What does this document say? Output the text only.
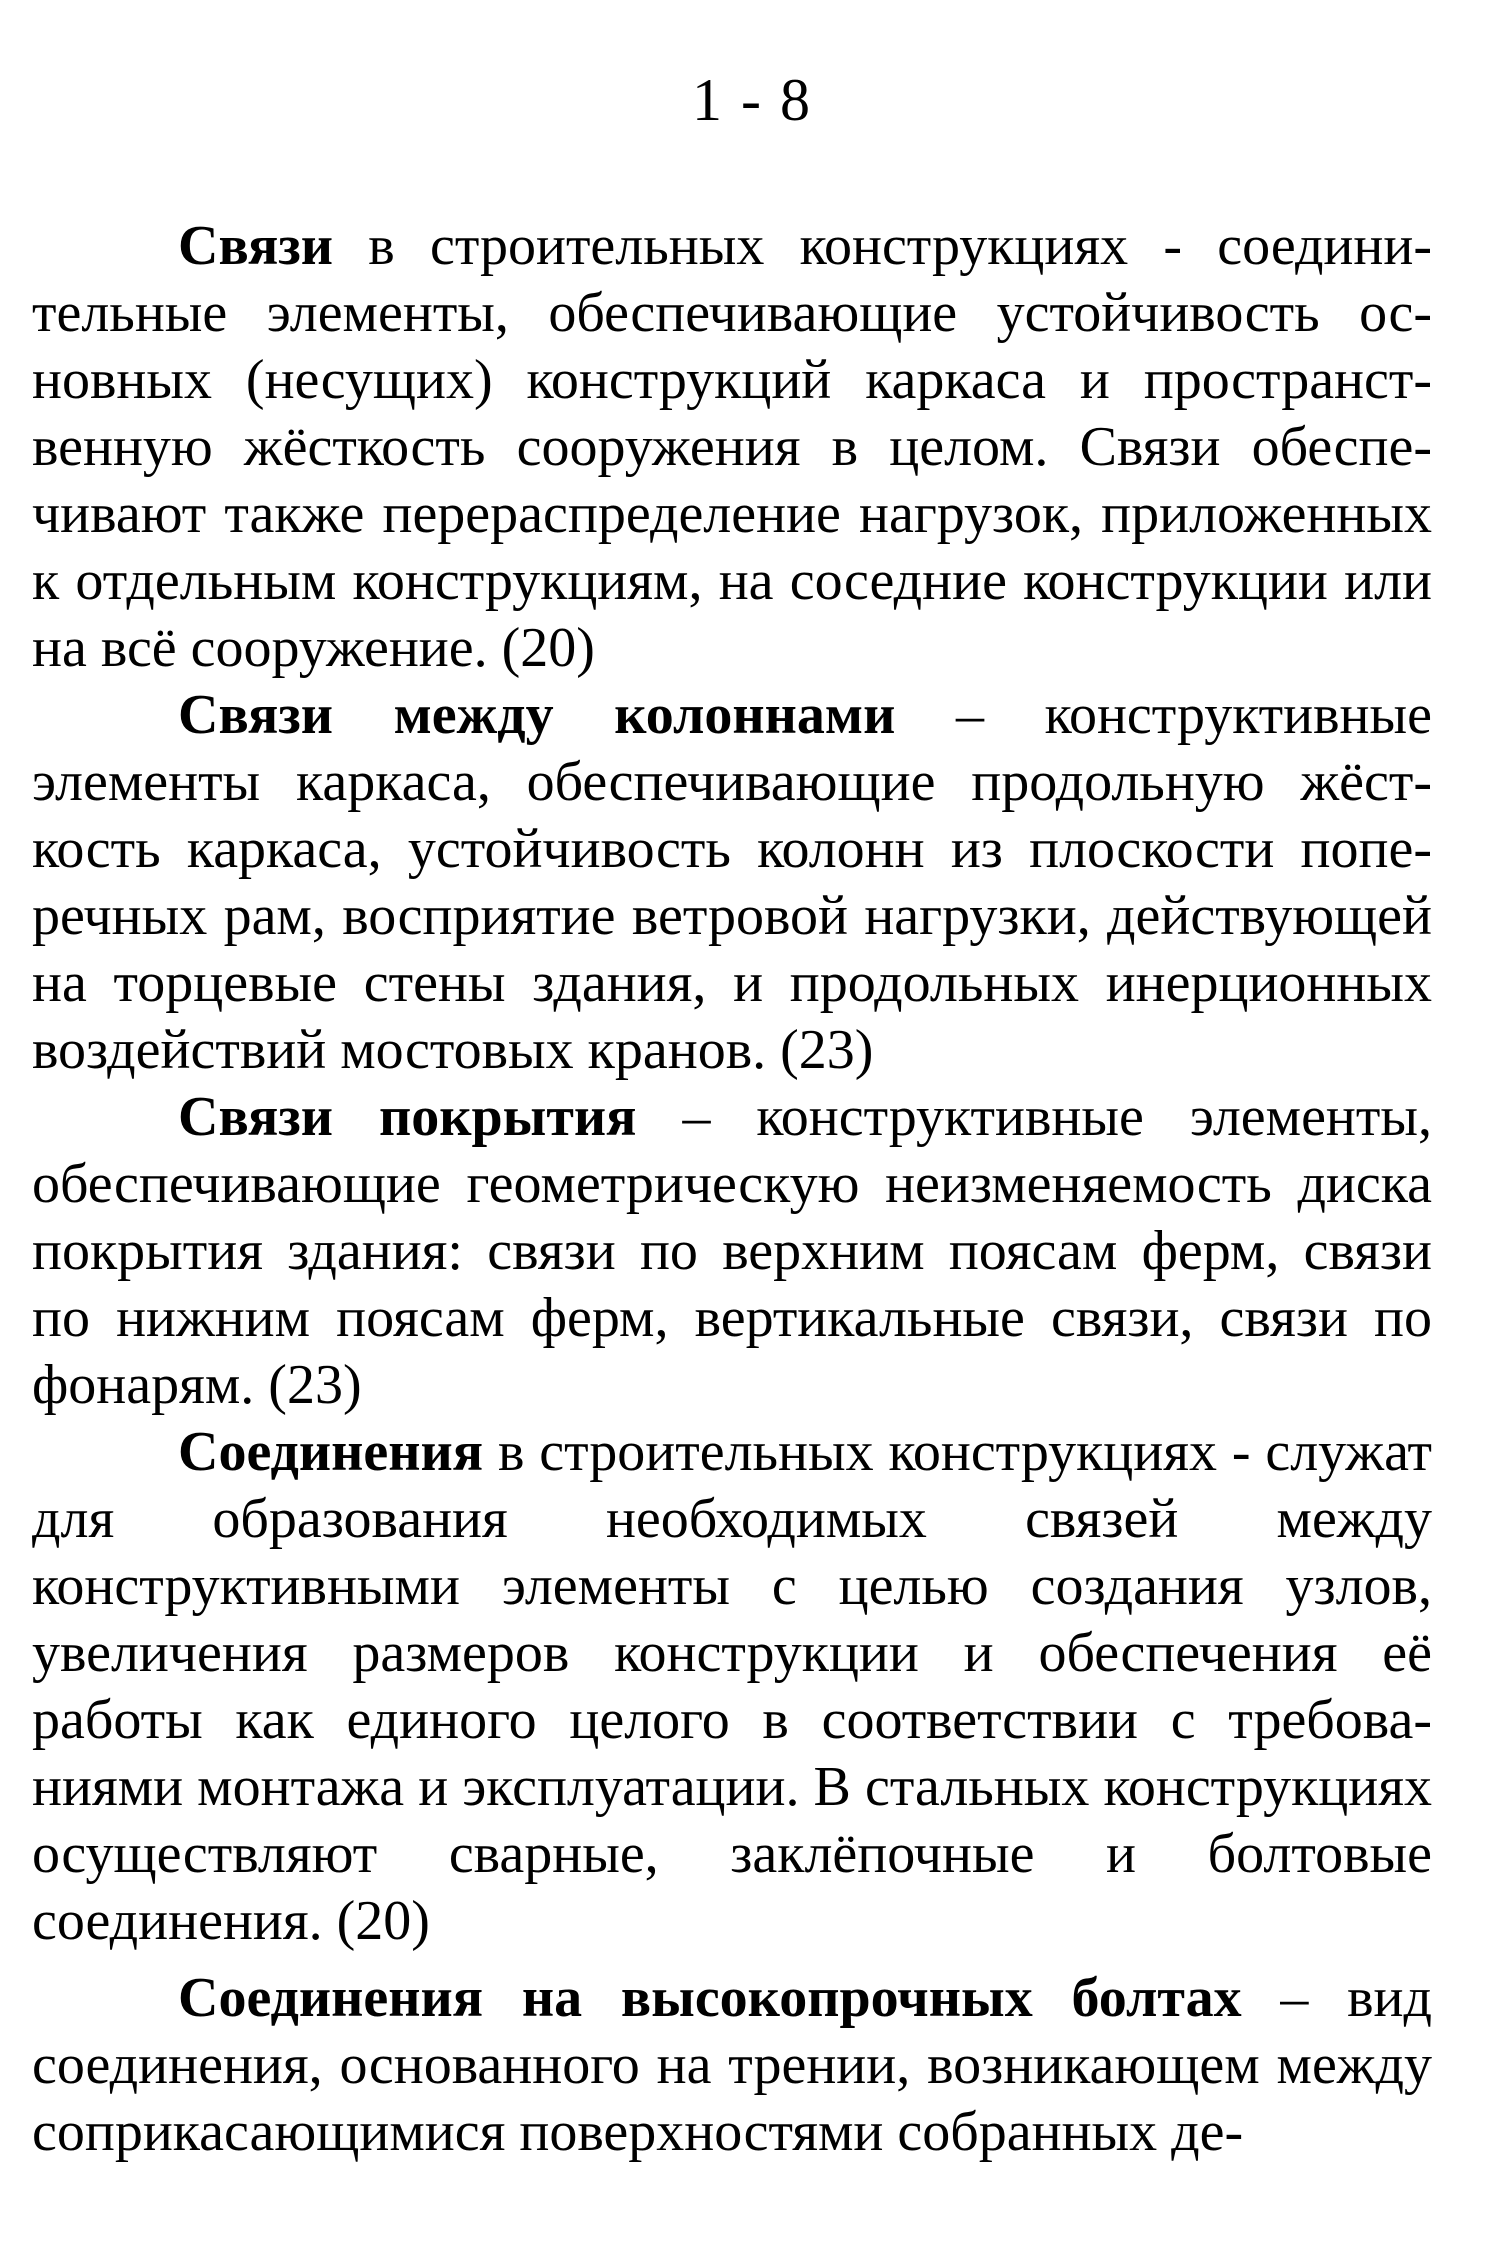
1 - 8

Связи в строительных конструкциях - соединительные элементы, обеспечивающие устойчивость основных (несущих) конструкций каркаса и пространственную жёсткость сооружения в целом. Связи обеспечивают также перераспределение нагрузок, приложенных к отдельным конструкциям, на соседние конструкции или на всё сооружение. (20)

Связи между колоннами – конструктивные элементы каркаса, обеспечивающие продольную жёсткость каркаса, устойчивость колонн из плоскости поперечных рам, восприятие ветровой нагрузки, действующей на торцевые стены здания, и продольных инерционных воздействий мостовых кранов. (23)

Связи покрытия – конструктивные элементы, обеспечивающие геометрическую неизменяемость диска покрытия здания: связи по верхним поясам ферм, связи по нижним поясам ферм, вертикальные связи, связи по фонарям. (23)

Соединения в строительных конструкциях - служат для образования необходимых связей между конструктивными элементы с целью создания узлов, увеличения размеров конструкции и обеспечения её работы как единого целого в соответствии с требованиями монтажа и эксплуатации. В стальных конструкциях осуществляют сварные, заклёпочные и болтовые соединения. (20)

Соединения на высокопрочных болтах – вид соединения, основанного на трении, возникающем между соприкасающимися поверхностями собранных де-
